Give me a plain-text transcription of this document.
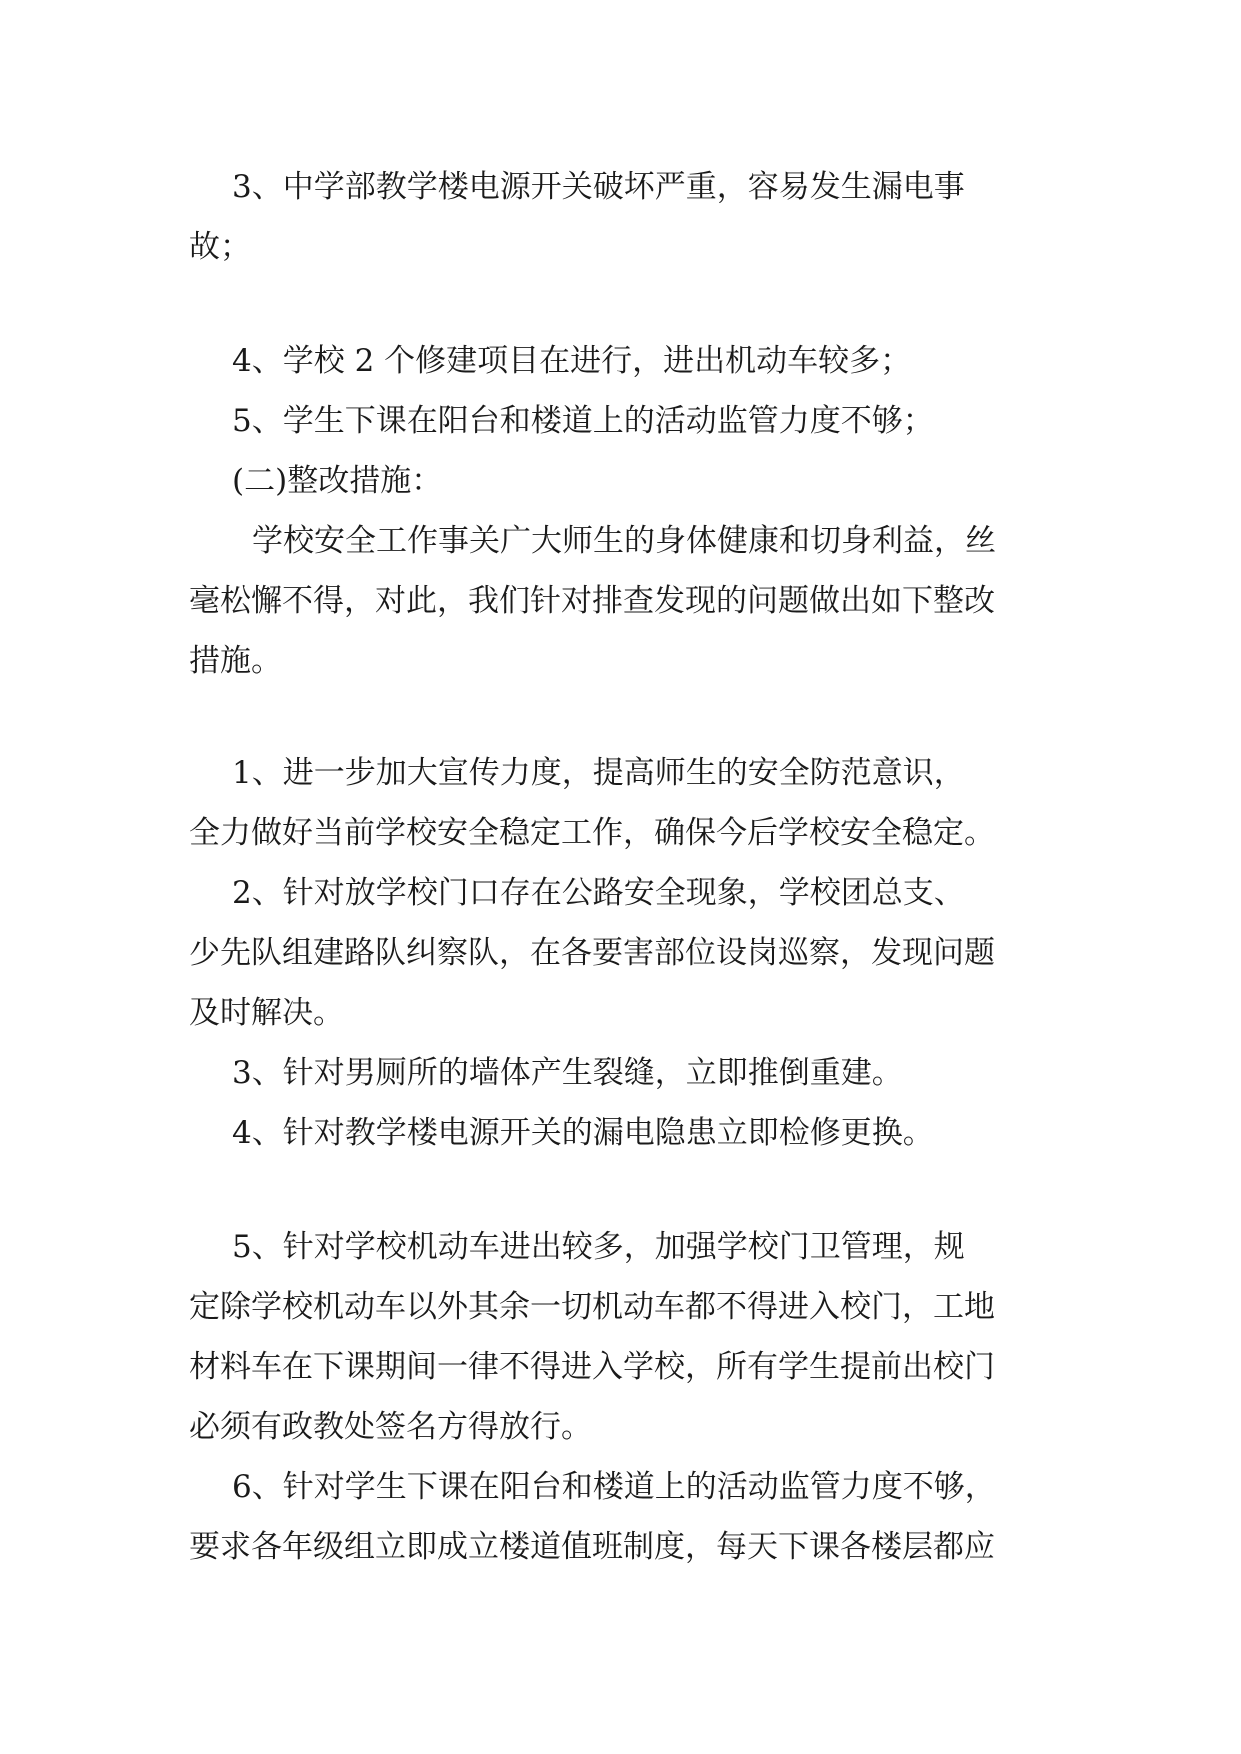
3、中学部教学楼电源开关破坏严重，容易发生漏电事
故；
4、学校 2 个修建项目在进行，进出机动车较多；
5、学生下课在阳台和楼道上的活动监管力度不够；
(二)整改措施：
学校安全工作事关广大师生的身体健康和切身利益，丝
毫松懈不得，对此，我们针对排查发现的问题做出如下整改
措施。
1、进一步加大宣传力度，提高师生的安全防范意识，
全力做好当前学校安全稳定工作，确保今后学校安全稳定。
2、针对放学校门口存在公路安全现象，学校团总支、
少先队组建路队纠察队，在各要害部位设岗巡察，发现问题
及时解决。
3、针对男厕所的墙体产生裂缝，立即推倒重建。
4、针对教学楼电源开关的漏电隐患立即检修更换。
5、针对学校机动车进出较多，加强学校门卫管理，规
定除学校机动车以外其余一切机动车都不得进入校门，工地
材料车在下课期间一律不得进入学校，所有学生提前出校门
必须有政教处签名方得放行。
6、针对学生下课在阳台和楼道上的活动监管力度不够，
要求各年级组立即成立楼道值班制度，每天下课各楼层都应
